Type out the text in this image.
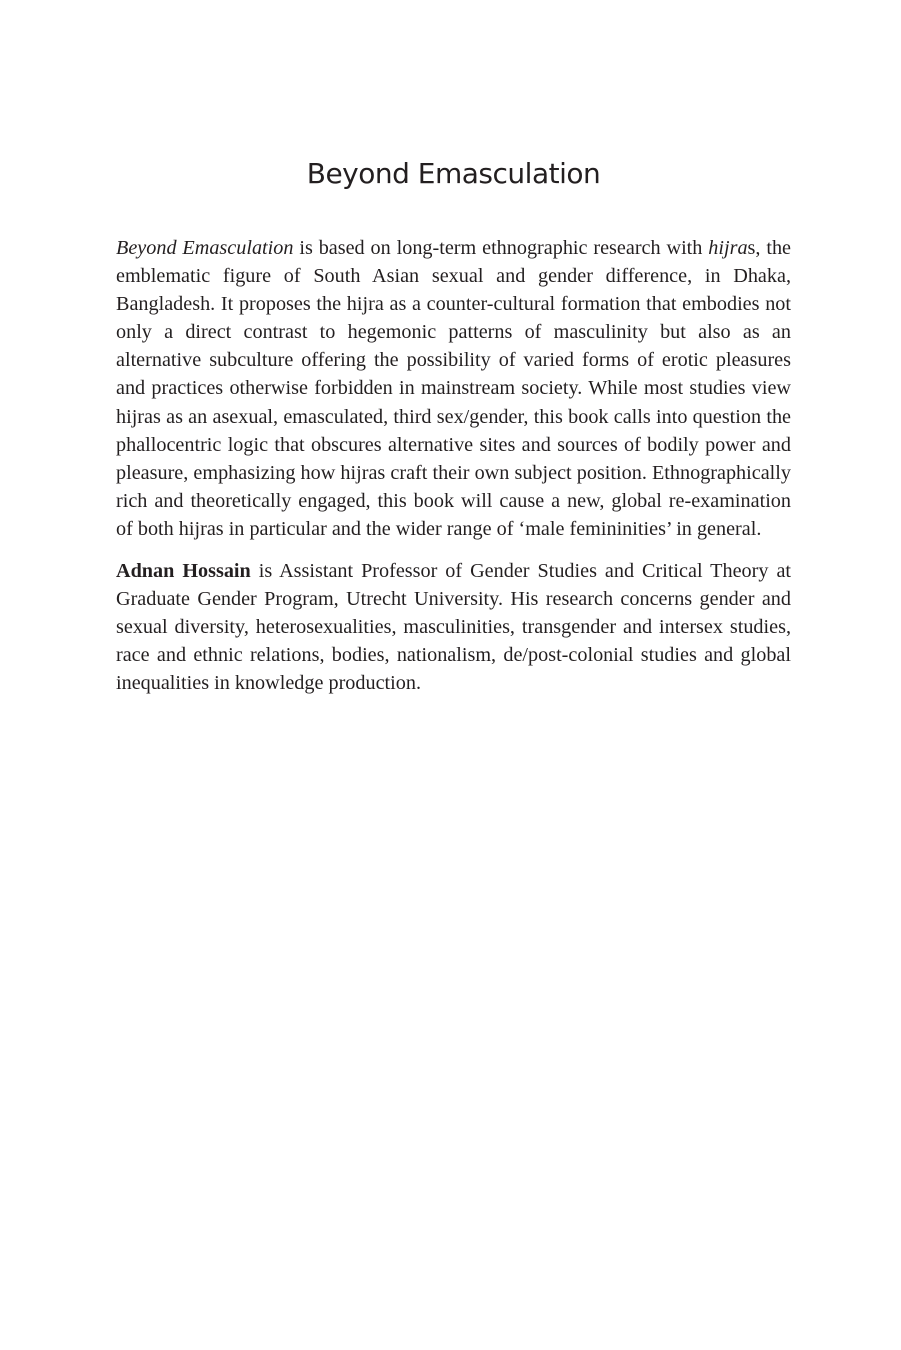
Beyond Emasculation

Beyond Emasculation is based on long-term ethnographic research with hijras, the emblematic figure of South Asian sexual and gender difference, in Dhaka, Bangladesh. It proposes the hijra as a counter-cultural formation that embodies not only a direct contrast to hegemonic patterns of masculinity but also as an alternative subculture offering the possibility of varied forms of erotic pleasures and practices otherwise forbidden in mainstream society. While most studies view hijras as an asexual, emasculated, third sex/gender, this book calls into question the phallocentric logic that obscures alternative sites and sources of bodily power and pleasure, emphasizing how hijras craft their own subject position. Ethnographically rich and theoretically engaged, this book will cause a new, global re-examination of both hijras in particular and the wider range of ‘male femininities’ in general.

Adnan Hossain is Assistant Professor of Gender Studies and Critical Theory at Graduate Gender Program, Utrecht University. His research concerns gender and sexual diversity, heterosexualities, masculinities, transgender and intersex studies, race and ethnic relations, bodies, nationalism, de/post-colonial studies and global inequalities in knowledge production.
